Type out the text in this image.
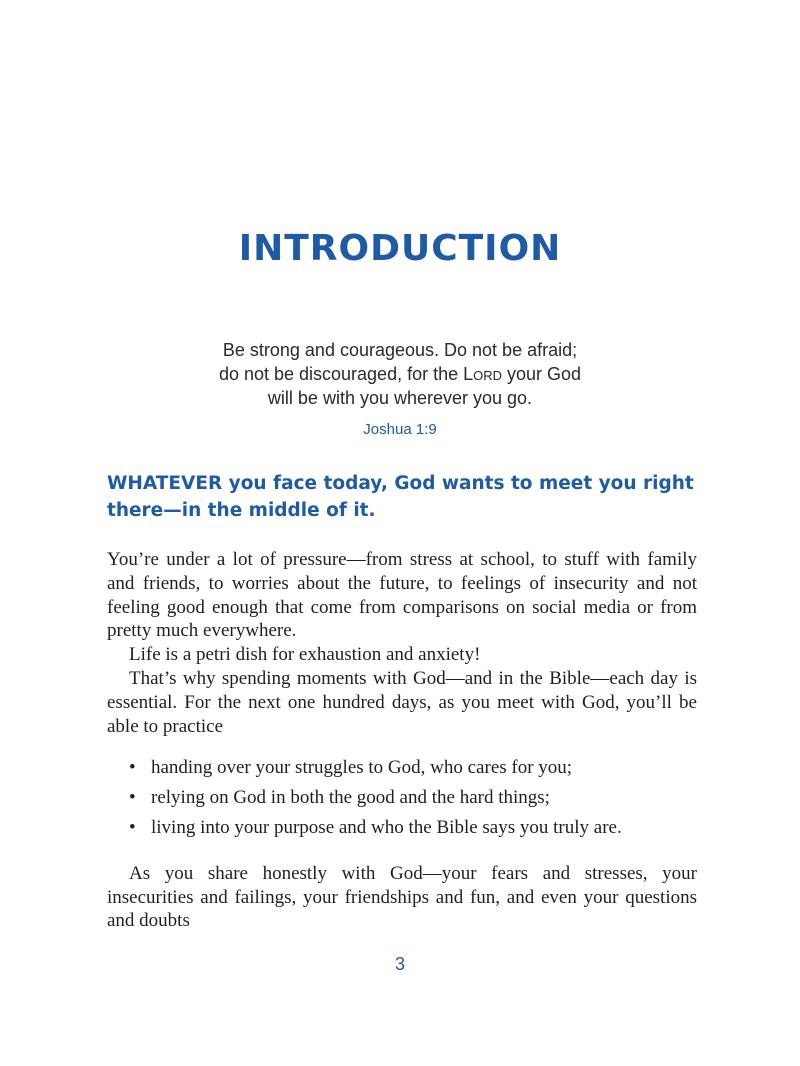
INTRODUCTION
Be strong and courageous. Do not be afraid;
do not be discouraged, for the Lord your God
will be with you wherever you go.
Joshua 1:9
WHATEVER you face today, God wants to meet you right there—in the middle of it.

You’re under a lot of pressure—from stress at school, to stuff with family and friends, to worries about the future, to feelings of insecurity and not feeling good enough that come from comparisons on social media or from pretty much everywhere.

Life is a petri dish for exhaustion and anxiety!

That’s why spending moments with God—and in the Bible—each day is essential. For the next one hundred days, as you meet with God, you’ll be able to practice

• handing over your struggles to God, who cares for you;
• relying on God in both the good and the hard things;
• living into your purpose and who the Bible says you truly are.

As you share honestly with God—your fears and stresses, your insecurities and failings, your friendships and fun, and even your questions and doubts

3
